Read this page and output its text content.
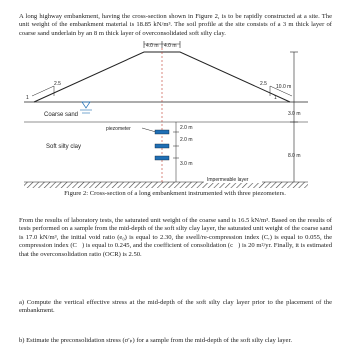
A long highway embankment, having the cross-section shown in Figure 2, is to be rapidly constructed at a site. The unit weight of the embankment material is 18.85 kN/m³. The soil profile at the site consists of a 3 m thick layer of coarse sand underlain by an 8 m thick layer of overconsolidated soft silty clay.

4.0 m 4.0 m
2.5
1
2.5
1
10.0 m
3.0 m
8.0 m
Coarse sand
Soft silty clay
piezometer	2.0 m
2.0 m
3.0 m
Impermeable layer
Figure 2: Cross-section of a long embankment instrumented with three piezometers.

From the results of laboratory tests, the saturated unit weight of the coarse sand is 16.5 kN/m³. Based on the results of tests performed on a sample from the mid-depth of the soft silty clay layer, the saturated unit weight of the coarse sand is 17.0 kN/m³, the initial void ratio (e₀) is equal to 2.30, the swell/re-compression index (Cᵣ) is equal to 0.055, the compression index (C꜀) is equal to 0.245, and the coefficient of consolidation (c᪲) is 20 m²/yr. Finally, it is estimated that the overconsolidation ratio (OCR) is 2.50.

a) Compute the vertical effective stress at the mid-depth of the soft silty clay layer prior to the placement of the embankment.

b) Estimate the preconsolidation stress (σ′ₚ) for a sample from the mid-depth of the soft silty clay layer.
